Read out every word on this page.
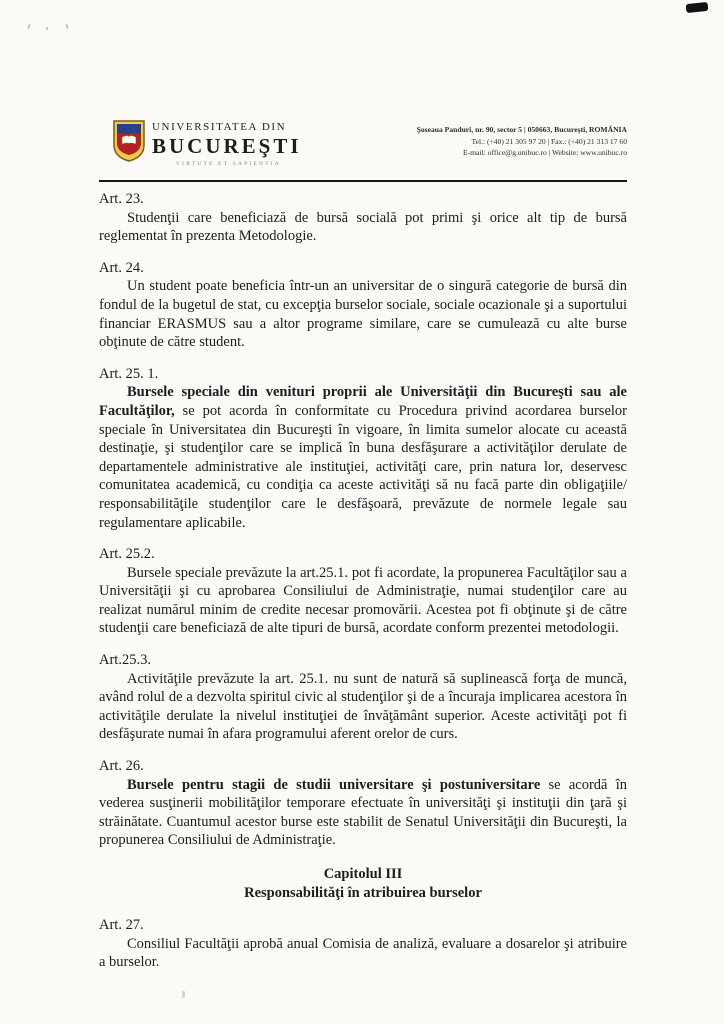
UNIVERSITATEA DIN
BUCUREŞTI
VIRTUTE ET SAPIENTIA
Şoseaua Panduri, nr. 90, sector 5 | 050663, Bucureşti, ROMÂNIA
Tel.: (+40) 21 305 97 20 | Fax.: (+40) 21 313 17 60
E-mail: office@g.unibuc.ro | Website: www.unibuc.ro
Art. 23.

Studenţii care beneficiază de bursă socială pot primi şi orice alt tip de bursă reglementat în prezenta Metodologie.

Art. 24.

Un student poate beneficia într-un an universitar de o singură categorie de bursă din fondul de la bugetul de stat, cu excepţia burselor sociale, sociale ocazionale şi a suportului financiar ERASMUS sau a altor programe similare, care se cumulează cu alte burse obţinute de către student.

Art. 25. 1.

Bursele speciale din venituri proprii ale Universităţii din Bucureşti sau ale Facultăţilor, se pot acorda în conformitate cu Procedura privind acordarea burselor speciale în Universitatea din Bucureşti în vigoare, în limita sumelor alocate cu această destinaţie, şi studenţilor care se implică în buna desfăşurare a activităţilor derulate de departamentele administrative ale instituţiei, activităţi care, prin natura lor, deservesc comunitatea academică, cu condiţia ca aceste activităţi să nu facă parte din obligaţiile/ responsabilităţile studenţilor care le desfăşoară, prevăzute de normele legale sau regulamentare aplicabile.

Art. 25.2.

Bursele speciale prevăzute la art.25.1. pot fi acordate, la propunerea Facultăţilor sau a Universităţii şi cu aprobarea Consiliului de Administraţie, numai studenţilor care au realizat numărul minim de credite necesar promovării. Acestea pot fi obţinute şi de către studenţii care beneficiază de alte tipuri de bursă, acordate conform prezentei metodologii.

Art.25.3.

Activităţile prevăzute la art. 25.1. nu sunt de natură să suplinească forţa de muncă, având rolul de a dezvolta spiritul civic al studenţilor şi de a încuraja implicarea acestora în activităţile derulate la nivelul instituţiei de învăţământ superior. Aceste activităţi pot fi desfăşurate numai în afara programului aferent orelor de curs.

Art. 26.

Bursele pentru stagii de studii universitare şi postuniversitare se acordă în vederea susţinerii mobilităţilor temporare efectuate în universităţi şi instituţii din ţară şi străinătate. Cuantumul acestor burse este stabilit de Senatul Universităţii din Bucureşti, la propunerea Consiliului de Administraţie.

Capitolul III
Responsabilităţi în atribuirea burselor
Art. 27.

Consiliul Facultăţii aprobă anual Comisia de analiză, evaluare a dosarelor şi atribuire a burselor.
